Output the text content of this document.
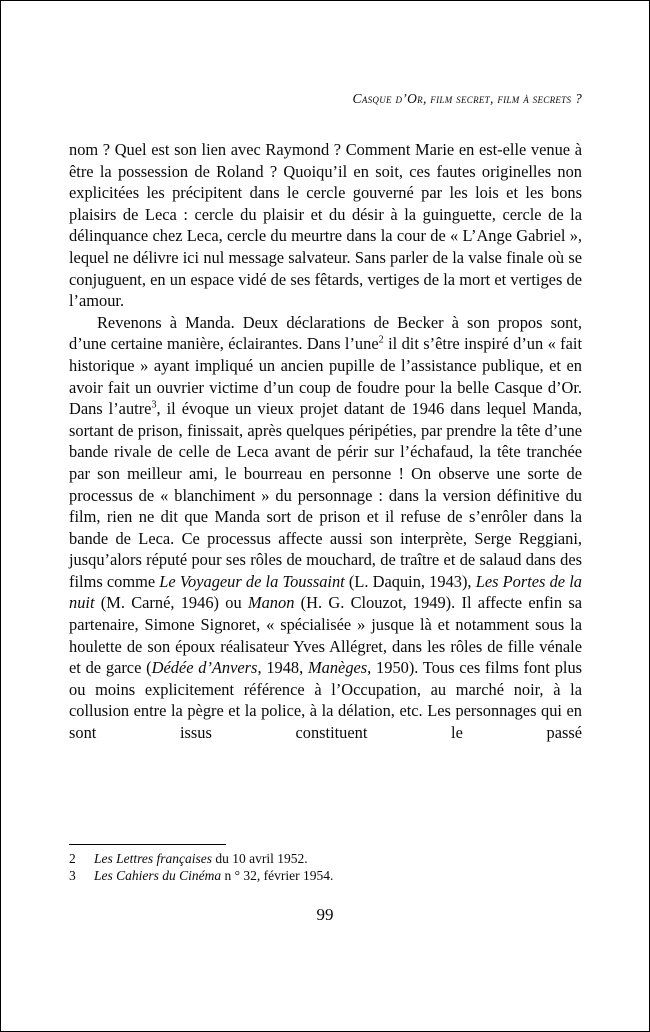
Casque d’Or, film secret, film à secrets ?

nom ? Quel est son lien avec Raymond ? Comment Marie en est-elle venue à être la possession de Roland ? Quoiqu’il en soit, ces fautes originelles non explicitées les précipitent dans le cercle gouverné par les lois et les bons plaisirs de Leca : cercle du plaisir et du désir à la guinguette, cercle de la délinquance chez Leca, cercle du meurtre dans la cour de « L’Ange Gabriel », lequel ne délivre ici nul message salvateur. Sans parler de la valse finale où se conjuguent, en un espace vidé de ses fêtards, vertiges de la mort et vertiges de l’amour.

Revenons à Manda. Deux déclarations de Becker à son propos sont, d’une certaine manière, éclairantes. Dans l’une$^2$ il dit s’être inspiré d’un « fait historique » ayant impliqué un ancien pupille de l’assistance publique, et en avoir fait un ouvrier victime d’un coup de foudre pour la belle Casque d’Or. Dans l’autre$^3$, il évoque un vieux projet datant de 1946 dans lequel Manda, sortant de prison, finissait, après quelques péripéties, par prendre la tête d’une bande rivale de celle de Leca avant de périr sur l’échafaud, la tête tranchée par son meilleur ami, le bourreau en personne ! On observe une sorte de processus de « blanchiment » du personnage : dans la version définitive du film, rien ne dit que Manda sort de prison et il refuse de s’enrôler dans la bande de Leca. Ce processus affecte aussi son interprète, Serge Reggiani, jusqu’alors réputé pour ses rôles de mouchard, de traître et de salaud dans des films comme Le Voyageur de la Toussaint (L. Daquin, 1943), Les Portes de la nuit (M. Carné, 1946) ou Manon (H. G. Clouzot, 1949). Il affecte enfin sa partenaire, Simone Signoret, « spécialisée » jusque là et notamment sous la houlette de son époux réalisateur Yves Allégret, dans les rôles de fille vénale et de garce (Dédée d’Anvers, 1948, Manèges, 1950). Tous ces films font plus ou moins explicitement référence à l’Occupation, au marché noir, à la collusion entre la pègre et la police, à la délation, etc. Les personnages qui en sont issus constituent le passé

2 Les Lettres françaises du 10 avril 1952.
3 Les Cahiers du Cinéma n ° 32, février 1954.
99
